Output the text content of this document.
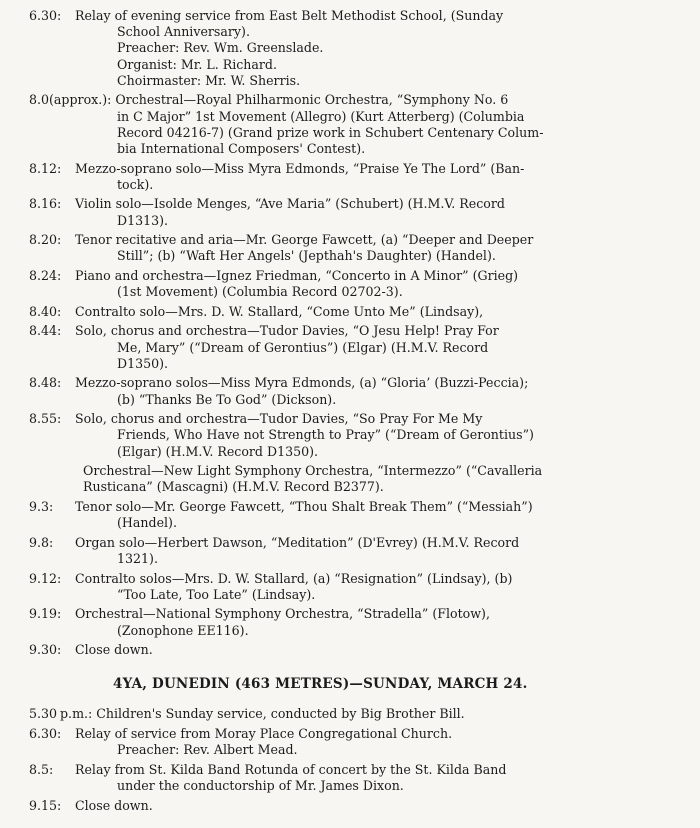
6.30:	Relay of evening service from East Belt Methodist School, (Sunday
School Anniversary).
Preacher: Rev. Wm. Greenslade.
Organist: Mr. L. Richard.
Choirmaster: Mr. W. Sherris.
8.0 (approx.): Orchestral—Royal Philharmonic Orchestra, “Symphony No. 6
in C Major” 1st Movement (Allegro) (Kurt Atterberg) (Columbia
Record 04216-7) (Grand prize work in Schubert Centenary Colum-
bia International Composers' Contest).
8.12:	Mezzo-soprano solo—Miss Myra Edmonds, “Praise Ye The Lord” (Ban-
tock).
8.16:	Violin solo—Isolde Menges, “Ave Maria” (Schubert) (H.M.V. Record
D1313).
8.20:	Tenor recitative and aria—Mr. George Fawcett, (a) “Deeper and Deeper
Still”; (b) “Waft Her Angels' (Jepthah's Daughter) (Handel).
8.24:	Piano and orchestra—Ignez Friedman, “Concerto in A Minor” (Grieg)
(1st Movement) (Columbia Record 02702-3).
8.40:	Contralto solo—Mrs. D. W. Stallard, “Come Unto Me” (Lindsay),
8.44:	Solo, chorus and orchestra—Tudor Davies, “O Jesu Help! Pray For
Me, Mary” (“Dream of Gerontius”) (Elgar) (H.M.V. Record
D1350).
8.48:	Mezzo-soprano solos—Miss Myra Edmonds, (a) “Gloria’ (Buzzi-Peccia);
(b) “Thanks Be To God” (Dickson).
8.55:	Solo, chorus and orchestra—Tudor Davies, “So Pray For Me My
Friends, Who Have not Strength to Pray” (“Dream of Gerontius”)
(Elgar) (H.M.V. Record D1350).
Orchestral—New Light Symphony Orchestra, “Intermezzo” (“Cavalleria
Rusticana” (Mascagni) (H.M.V. Record B2377).
9.3:	Tenor solo—Mr. George Fawcett, “Thou Shalt Break Them” (“Messiah”)
(Handel).
9.8:	Organ solo—Herbert Dawson, “Meditation” (D'Evrey) (H.M.V. Record
1321).
9.12:	Contralto solos—Mrs. D. W. Stallard, (a) “Resignation” (Lindsay), (b)
“Too Late, Too Late” (Lindsay).
9.19:	Orchestral—National Symphony Orchestra, “Stradella” (Flotow),
(Zonophone EE116).
9.30:	Close down.
4YA, DUNEDIN (463 METRES)—SUNDAY, MARCH 24.
5.30 p.m.: Children's Sunday service, conducted by Big Brother Bill.
6.30:	Relay of service from Moray Place Congregational Church.
Preacher: Rev. Albert Mead.
8.5:	Relay from St. Kilda Band Rotunda of concert by the St. Kilda Band
under the conductorship of Mr. James Dixon.
9.15:	Close down.
